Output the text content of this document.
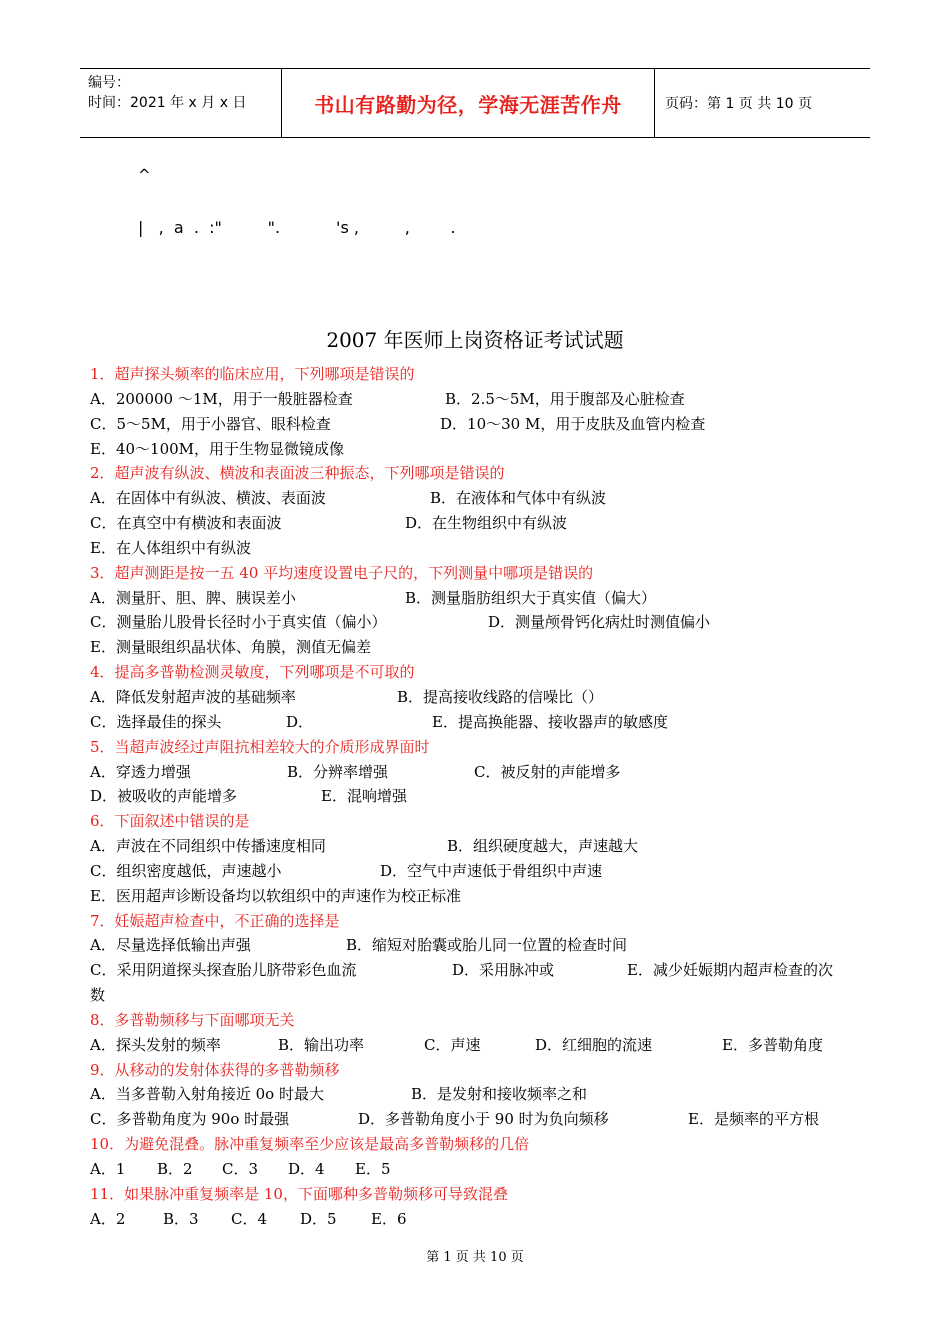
编号：
时间：2021 年 x 月 x 日	书山有路勤为径，学海无涯苦作舟	页码：第 1 页 共 10 页
^
|   ,  a  .  :"         ".           's ,         ,        .
2007 年医师上岗资格证考试试题
1．超声探头频率的临床应用，下列哪项是错误的
A．200000 ～1M，用于一般脏器检查	B．2.5～5M，用于腹部及心脏检查
C．5～5M，用于小器官、眼科检查	D．10～30 M，用于皮肤及血管内检查
E．40～100M，用于生物显微镜成像
2．超声波有纵波、横波和表面波三种振态，下列哪项是错误的
A．在固体中有纵波、横波、表面波	B．在液体和气体中有纵波
C．在真空中有横波和表面波	D．在生物组织中有纵波
E．在人体组织中有纵波
3．超声测距是按一五 40 平均速度设置电子尺的，下列测量中哪项是错误的
A．测量肝、胆、脾、胰误差小	B．测量脂肪组织大于真实值（偏大）
C．测量胎儿股骨长径时小于真实值（偏小）	D．测量颅骨钙化病灶时测值偏小
E．测量眼组织晶状体、角膜，测值无偏差
4．提高多普勒检测灵敏度，下列哪项是不可取的
A．降低发射超声波的基础频率	B．提高接收线路的信噪比（）
C．选择最佳的探头	D．	E．提高换能器、接收器声的敏感度
5．当超声波经过声阻抗相差较大的介质形成界面时
A．穿透力增强	B．分辨率增强	C．被反射的声能增多
D．被吸收的声能增多	E．混响增强
6．下面叙述中错误的是
A．声波在不同组织中传播速度相同	B．组织硬度越大，声速越大
C．组织密度越低，声速越小	D．空气中声速低于骨组织中声速
E．医用超声诊断设备均以软组织中的声速作为校正标准
7．妊娠超声检查中，不正确的选择是
A．尽量选择低输出声强	B．缩短对胎囊或胎儿同一位置的检查时间
C．采用阴道探头探查胎儿脐带彩色血流	D．采用脉冲或	E．减少妊娠期内超声检查的次
数
8．多普勒频移与下面哪项无关
A．探头发射的频率	B．输出功率	C．声速	D．红细胞的流速	E．多普勒角度
9．从移动的发射体获得的多普勒频移
A．当多普勒入射角接近 0o 时最大	B．是发射和接收频率之和
C．多普勒角度为 90o 时最强	D．多普勒角度小于 90 时为负向频移	E．是频率的平方根
10．为避免混叠。脉冲重复频率至少应该是最高多普勒频移的几倍
A．1 B．2 C．3 D．4 E．5
11．如果脉冲重复频率是 10，下面哪种多普勒频移可导致混叠
A．2	B．3 C．4 D．5 E．6
第 1 页 共 10 页
